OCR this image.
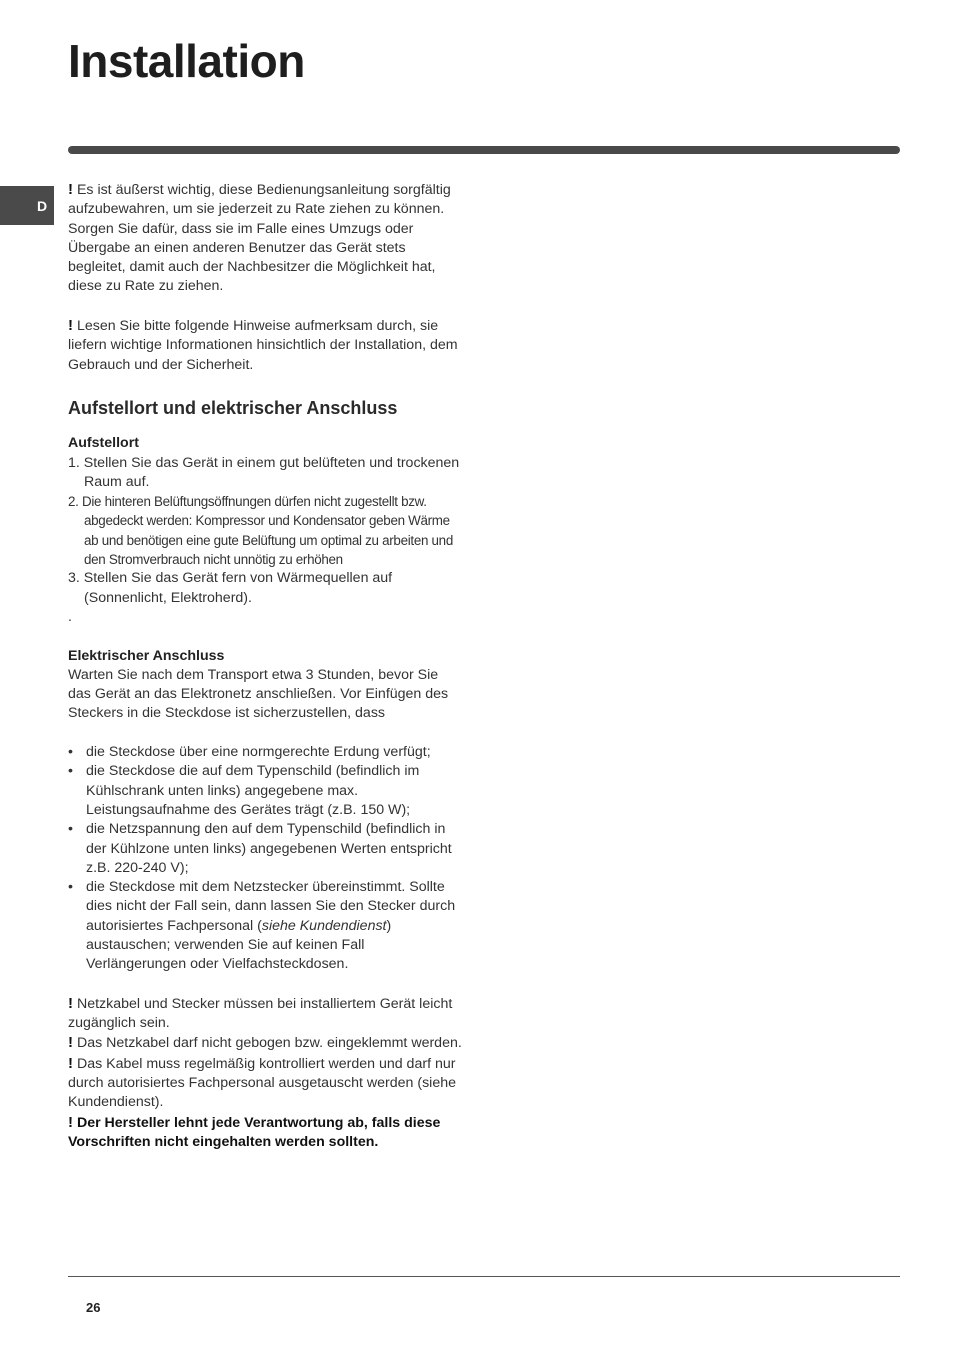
Installation
D

! Es ist äußerst wichtig, diese Bedienungsanleitung sorgfältig aufzubewahren, um sie jederzeit zu Rate ziehen zu können. Sorgen Sie dafür, dass sie im Falle eines Umzugs oder Übergabe an einen anderen Benutzer das Gerät stets begleitet, damit auch der Nachbesitzer die Möglichkeit hat, diese zu Rate zu ziehen.

! Lesen Sie bitte folgende Hinweise aufmerksam durch, sie liefern wichtige Informationen hinsichtlich der Installation, dem Gebrauch und der Sicherheit.

Aufstellort und elektrischer Anschluss

Aufstellort

1. Stellen Sie das Gerät in einem gut belüfteten und trockenen Raum auf.

2. Die hinteren Belüftungsöffnungen dürfen nicht zugestellt bzw. abgedeckt werden: Kompressor und Kondensator geben Wärme ab und benötigen eine gute Belüftung um optimal zu arbeiten und den Stromverbrauch nicht unnötig zu erhöhen

3. Stellen Sie das Gerät fern von Wärmequellen auf (Sonnenlicht, Elektroherd).

.

Elektrischer Anschluss

Warten Sie nach dem Transport etwa 3 Stunden, bevor Sie das Gerät an das Elektronetz anschließen. Vor Einfügen des Steckers in die Steckdose ist sicherzustellen, dass

• die Steckdose über eine normgerechte Erdung verfügt;

• die Steckdose die auf dem Typenschild (befindlich im Kühlschrank unten links) angegebene max. Leistungsaufnahme des Gerätes trägt (z.B. 150 W);

• die Netzspannung den auf dem Typenschild (befindlich in der Kühlzone unten links) angegebenen Werten entspricht z.B. 220-240 V);

• die Steckdose mit dem Netzstecker übereinstimmt. Sollte dies nicht der Fall sein, dann lassen Sie den Stecker durch autorisiertes Fachpersonal (siehe Kundendienst) austauschen; verwenden Sie auf keinen Fall Verlängerungen oder Vielfachsteckdosen.

! Netzkabel und Stecker müssen bei installiertem Gerät leicht zugänglich sein.

! Das Netzkabel darf nicht gebogen bzw. eingeklemmt werden.

! Das Kabel muss regelmäßig kontrolliert werden und darf nur durch autorisiertes Fachpersonal ausgetauscht werden (siehe Kundendienst).

! Der Hersteller lehnt jede Verantwortung ab, falls diese Vorschriften nicht eingehalten werden sollten.

26
